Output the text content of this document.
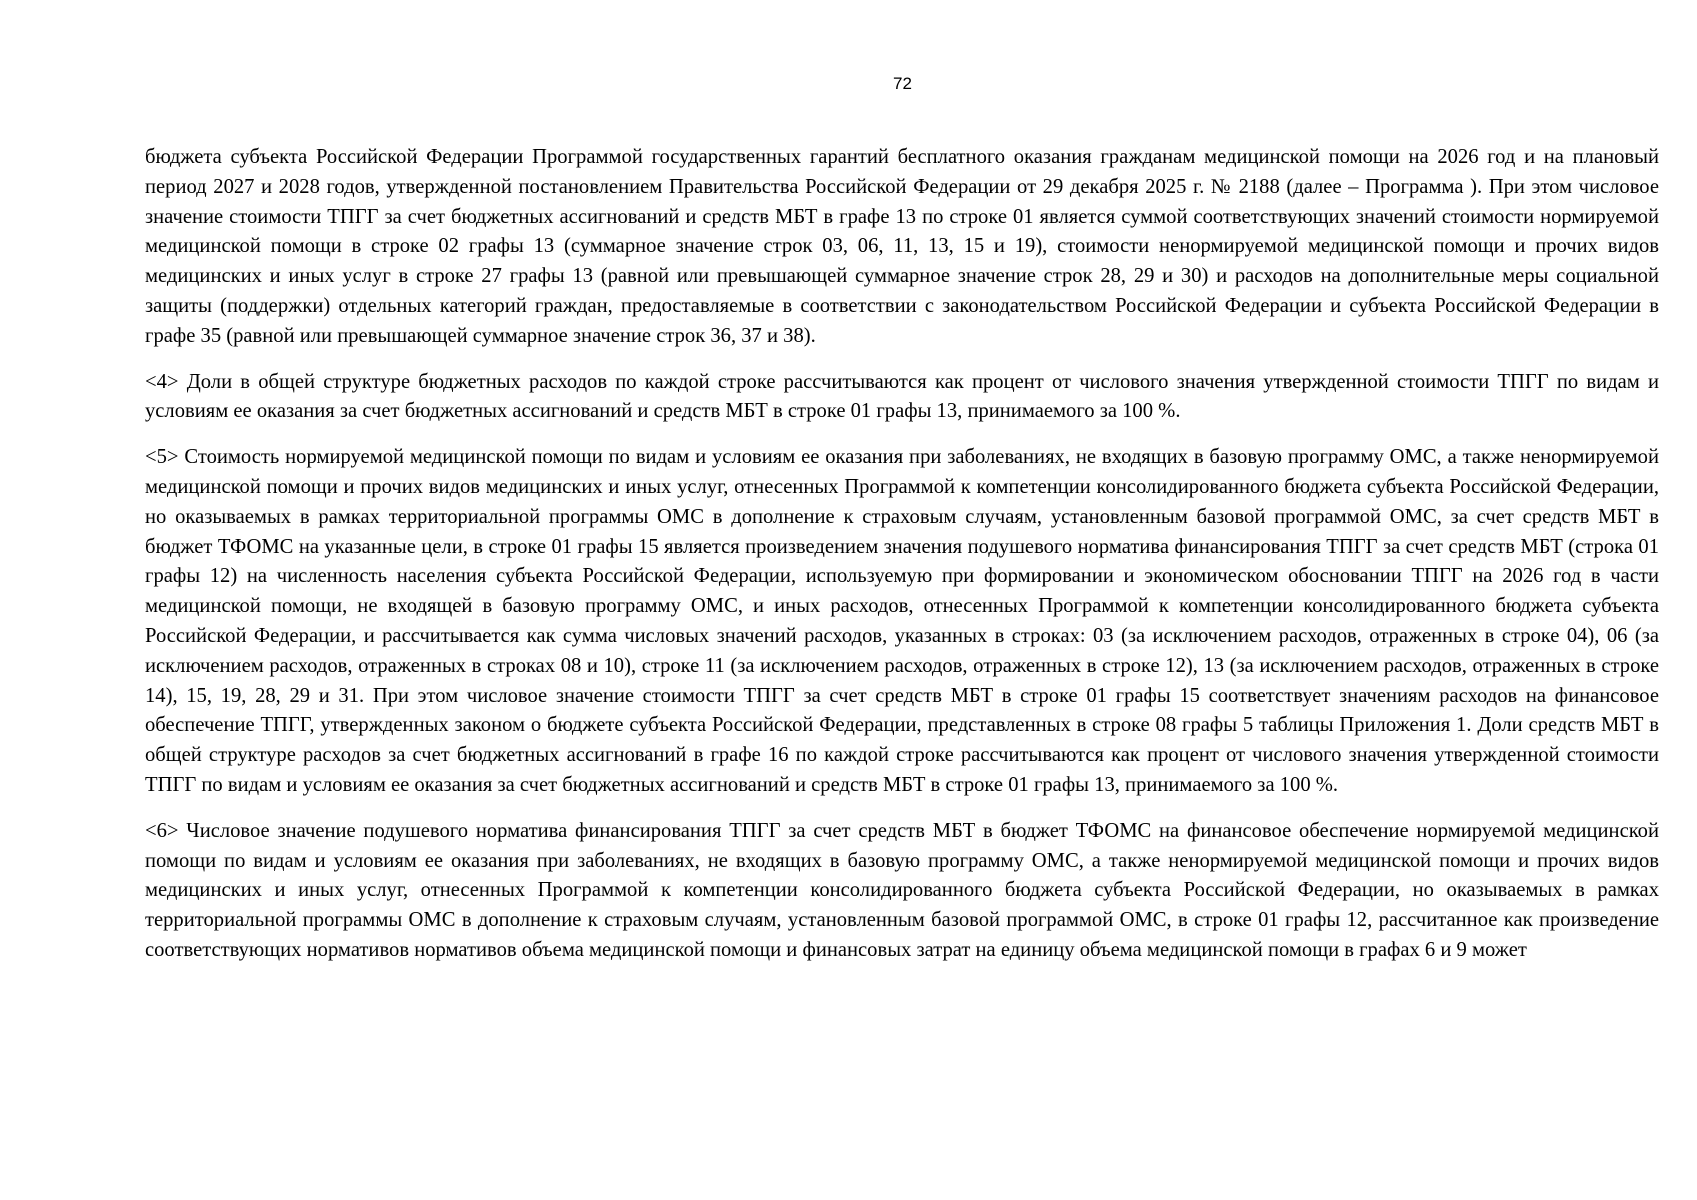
72

бюджета субъекта Российской Федерации Программой государственных гарантий бесплатного оказания гражданам медицинской помощи на 2026 год и на плановый период 2027 и 2028 годов, утвержденной постановлением Правительства Российской Федерации от 29 декабря 2025 г. № 2188 (далее – Программа ). При этом числовое значение стоимости ТПГГ за счет бюджетных ассигнований и средств МБТ в графе 13 по строке 01 является суммой соответствующих значений стоимости нормируемой медицинской помощи в строке 02 графы 13 (суммарное значение строк 03, 06, 11, 13, 15 и 19), стоимости ненормируемой медицинской помощи и прочих видов медицинских и иных услуг в строке 27 графы 13 (равной или превышающей суммарное значение строк 28, 29 и 30) и расходов на дополнительные меры социальной защиты (поддержки) отдельных категорий граждан, предоставляемые в соответствии с законодательством Российской Федерации и субъекта Российской Федерации в графе 35 (равной или превышающей суммарное значение строк 36, 37 и 38).

<4> Доли в общей структуре бюджетных расходов по каждой строке рассчитываются как процент от числового значения утвержденной стоимости ТПГГ по видам и условиям ее оказания за счет бюджетных ассигнований и средств МБТ в строке 01 графы 13, принимаемого за 100 %.

<5> Стоимость нормируемой медицинской помощи по видам и условиям ее оказания при заболеваниях, не входящих в базовую программу ОМС, а также ненормируемой медицинской помощи и прочих видов медицинских и иных услуг, отнесенных Программой к компетенции консолидированного бюджета субъекта Российской Федерации, но оказываемых в рамках территориальной программы ОМС в дополнение к страховым случаям, установленным базовой программой ОМС, за счет средств МБТ в бюджет ТФОМС на указанные цели, в строке 01 графы 15 является произведением значения подушевого норматива финансирования ТПГГ за счет средств МБТ (строка 01 графы 12) на численность населения субъекта Российской Федерации, используемую при формировании и экономическом обосновании ТПГГ на 2026 год в части медицинской помощи, не входящей в базовую программу ОМС, и иных расходов, отнесенных Программой к компетенции консолидированного бюджета субъекта Российской Федерации, и рассчитывается как сумма числовых значений расходов, указанных в строках: 03 (за исключением расходов, отраженных в строке 04), 06 (за исключением расходов, отраженных в строках 08 и 10), строке 11 (за исключением расходов, отраженных в строке 12), 13 (за исключением расходов, отраженных в строке 14), 15, 19, 28, 29 и 31. При этом числовое значение стоимости ТПГГ за счет средств МБТ в строке 01 графы 15 соответствует значениям расходов на финансовое обеспечение ТПГГ, утвержденных законом о бюджете субъекта Российской Федерации, представленных в строке 08 графы 5 таблицы Приложения 1. Доли средств МБТ в общей структуре расходов за счет бюджетных ассигнований в графе 16 по каждой строке рассчитываются как процент от числового значения утвержденной стоимости ТПГГ по видам и условиям ее оказания за счет бюджетных ассигнований и средств МБТ в строке 01 графы 13, принимаемого за 100 %.

<6> Числовое значение подушевого норматива финансирования ТПГГ за счет средств МБТ в бюджет ТФОМС на финансовое обеспечение нормируемой медицинской помощи по видам и условиям ее оказания при заболеваниях, не входящих в базовую программу ОМС, а также ненормируемой медицинской помощи и прочих видов медицинских и иных услуг, отнесенных Программой к компетенции консолидированного бюджета субъекта Российской Федерации, но оказываемых в рамках территориальной программы ОМС в дополнение к страховым случаям, установленным базовой программой ОМС, в строке 01 графы 12, рассчитанное как произведение соответствующих нормативов нормативов объема медицинской помощи и финансовых затрат на единицу объема медицинской помощи в графах 6 и 9 может
